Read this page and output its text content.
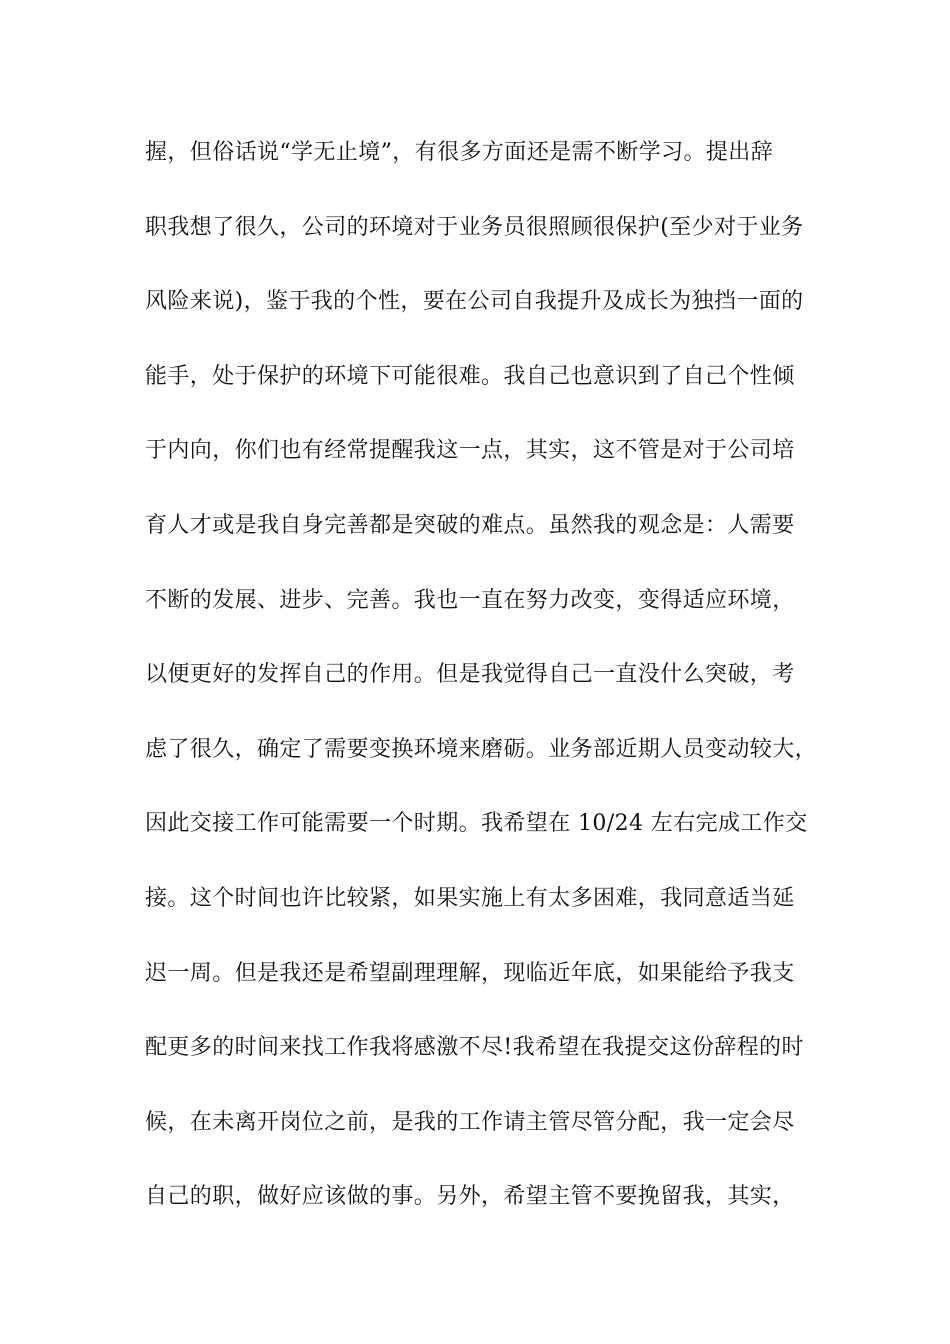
握，但俗话说“学无止境”，有很多方面还是需不断学习。提出辞
职我想了很久，公司的环境对于业务员很照顾很保护(至少对于业务
风险来说)，鉴于我的个性，要在公司自我提升及成长为独挡一面的
能手，处于保护的环境下可能很难。我自己也意识到了自己个性倾
于内向，你们也有经常提醒我这一点，其实，这不管是对于公司培
育人才或是我自身完善都是突破的难点。虽然我的观念是：人需要
不断的发展、进步、完善。我也一直在努力改变，变得适应环境，
以便更好的发挥自己的作用。但是我觉得自己一直没什么突破，考
虑了很久，确定了需要变换环境来磨砺。业务部近期人员变动较大，
因此交接工作可能需要一个时期。我希望在 10/24 左右完成工作交
接。这个时间也许比较紧，如果实施上有太多困难，我同意适当延
迟一周。但是我还是希望副理理解，现临近年底，如果能给予我支
配更多的时间来找工作我将感激不尽!我希望在我提交这份辞程的时
候，在未离开岗位之前，是我的工作请主管尽管分配，我一定会尽
自己的职，做好应该做的事。另外，希望主管不要挽留我，其实，
